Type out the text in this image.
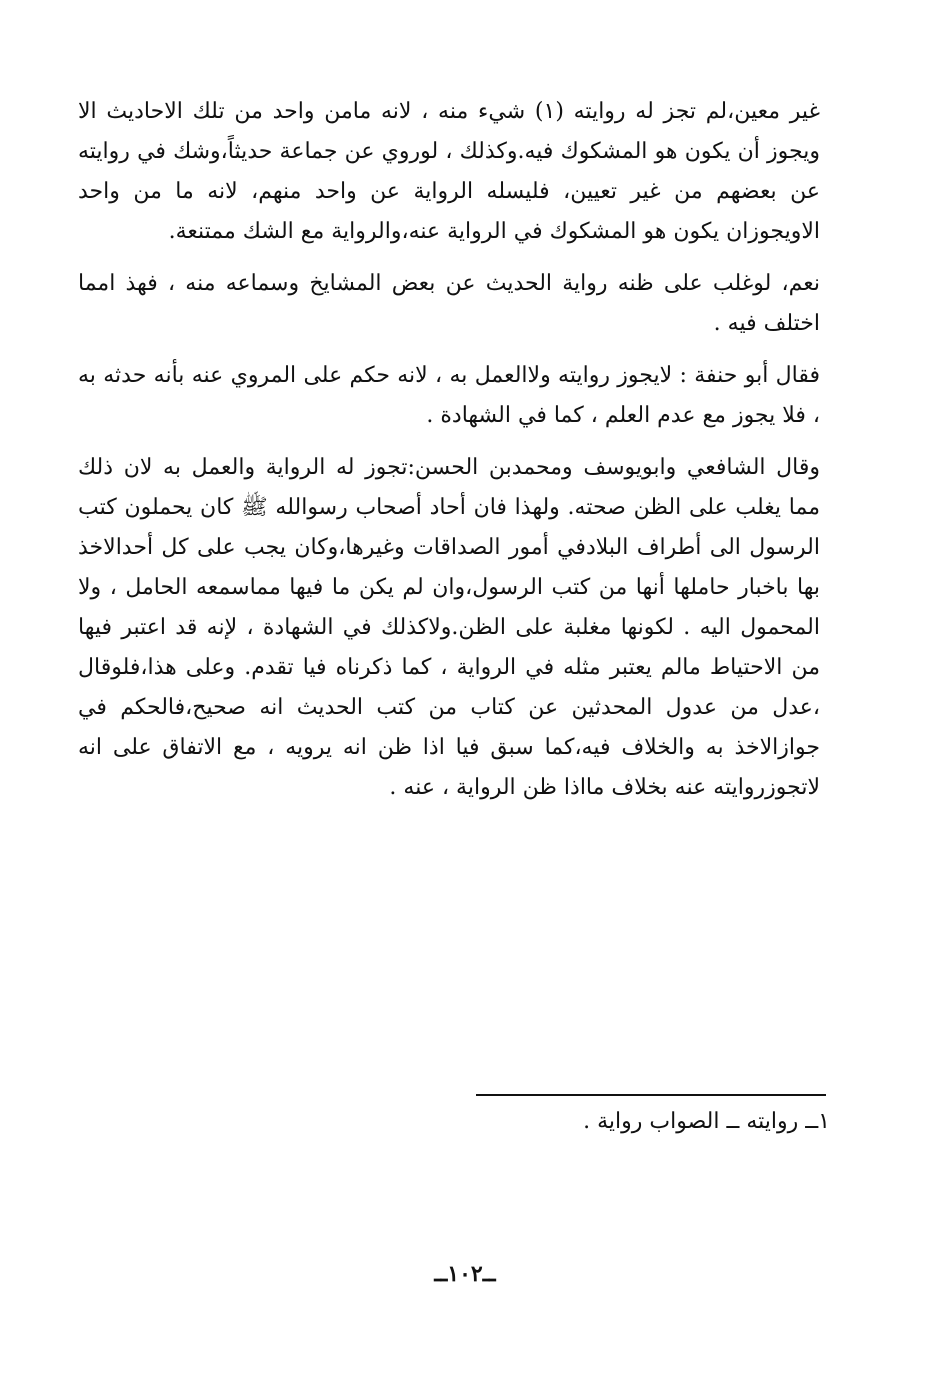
غير معين،لم تجز له روايته (١) شيء منه ، لانه مامن واحد من تلك الاحاديث الا ويجوز أن يكون هو المشكوك فيه.وكذلك ، لوروي عن جماعة حديثاً،وشك في روايته عن بعضهم من غير تعيين، فليسله الرواية عن واحد منهم، لانه ما من واحد الاويجوزان يكون هو المشكوك في الرواية عنه،والرواية مع الشك ممتنعة.

نعم، لوغلب على ظنه رواية الحديث عن بعض المشايخ وسماعه منه ، فهذ امما اختلف فيه .

فقال أبو حنفة : لايجوز روايته ولاالعمل به ، لانه حكم على المروي عنه بأنه حدثه به ، فلا يجوز مع عدم العلم ، كما في الشهادة .

وقال الشافعي وابويوسف ومحمدبن الحسن:تجوز له الرواية والعمل به لان ذلك مما يغلب على الظن صحته. ولهذا فان أحاد أصحاب رسوالله ﷺ كان يحملون كتب الرسول الى أطراف البلادفي أمور الصداقات وغيرها،وكان يجب على كل أحدالاخذ بها باخبار حاملها أنها من كتب الرسول،وان لم يكن ما فيها مماسمعه الحامل ، ولا المحمول اليه . لكونها مغلبة على الظن.ولاكذلك في الشهادة ، لإنه قد اعتبر فيها من الاحتياط مالم يعتبر مثله في الرواية ، كما ذكرناه فيا تقدم. وعلى هذا،فلوقال ،عدل من عدول المحدثين عن كتاب من كتب الحديث انه صحيح،فالحكم في جوازالاخذ به والخلاف فيه،كما سبق فيا اذا ظن انه يرويه ، مع الاتفاق على انه لاتجوزروايته عنه بخلاف مااذا ظن الرواية ، عنه .

١ــ روايته ــ الصواب رواية .
ــ١٠٢ــ
